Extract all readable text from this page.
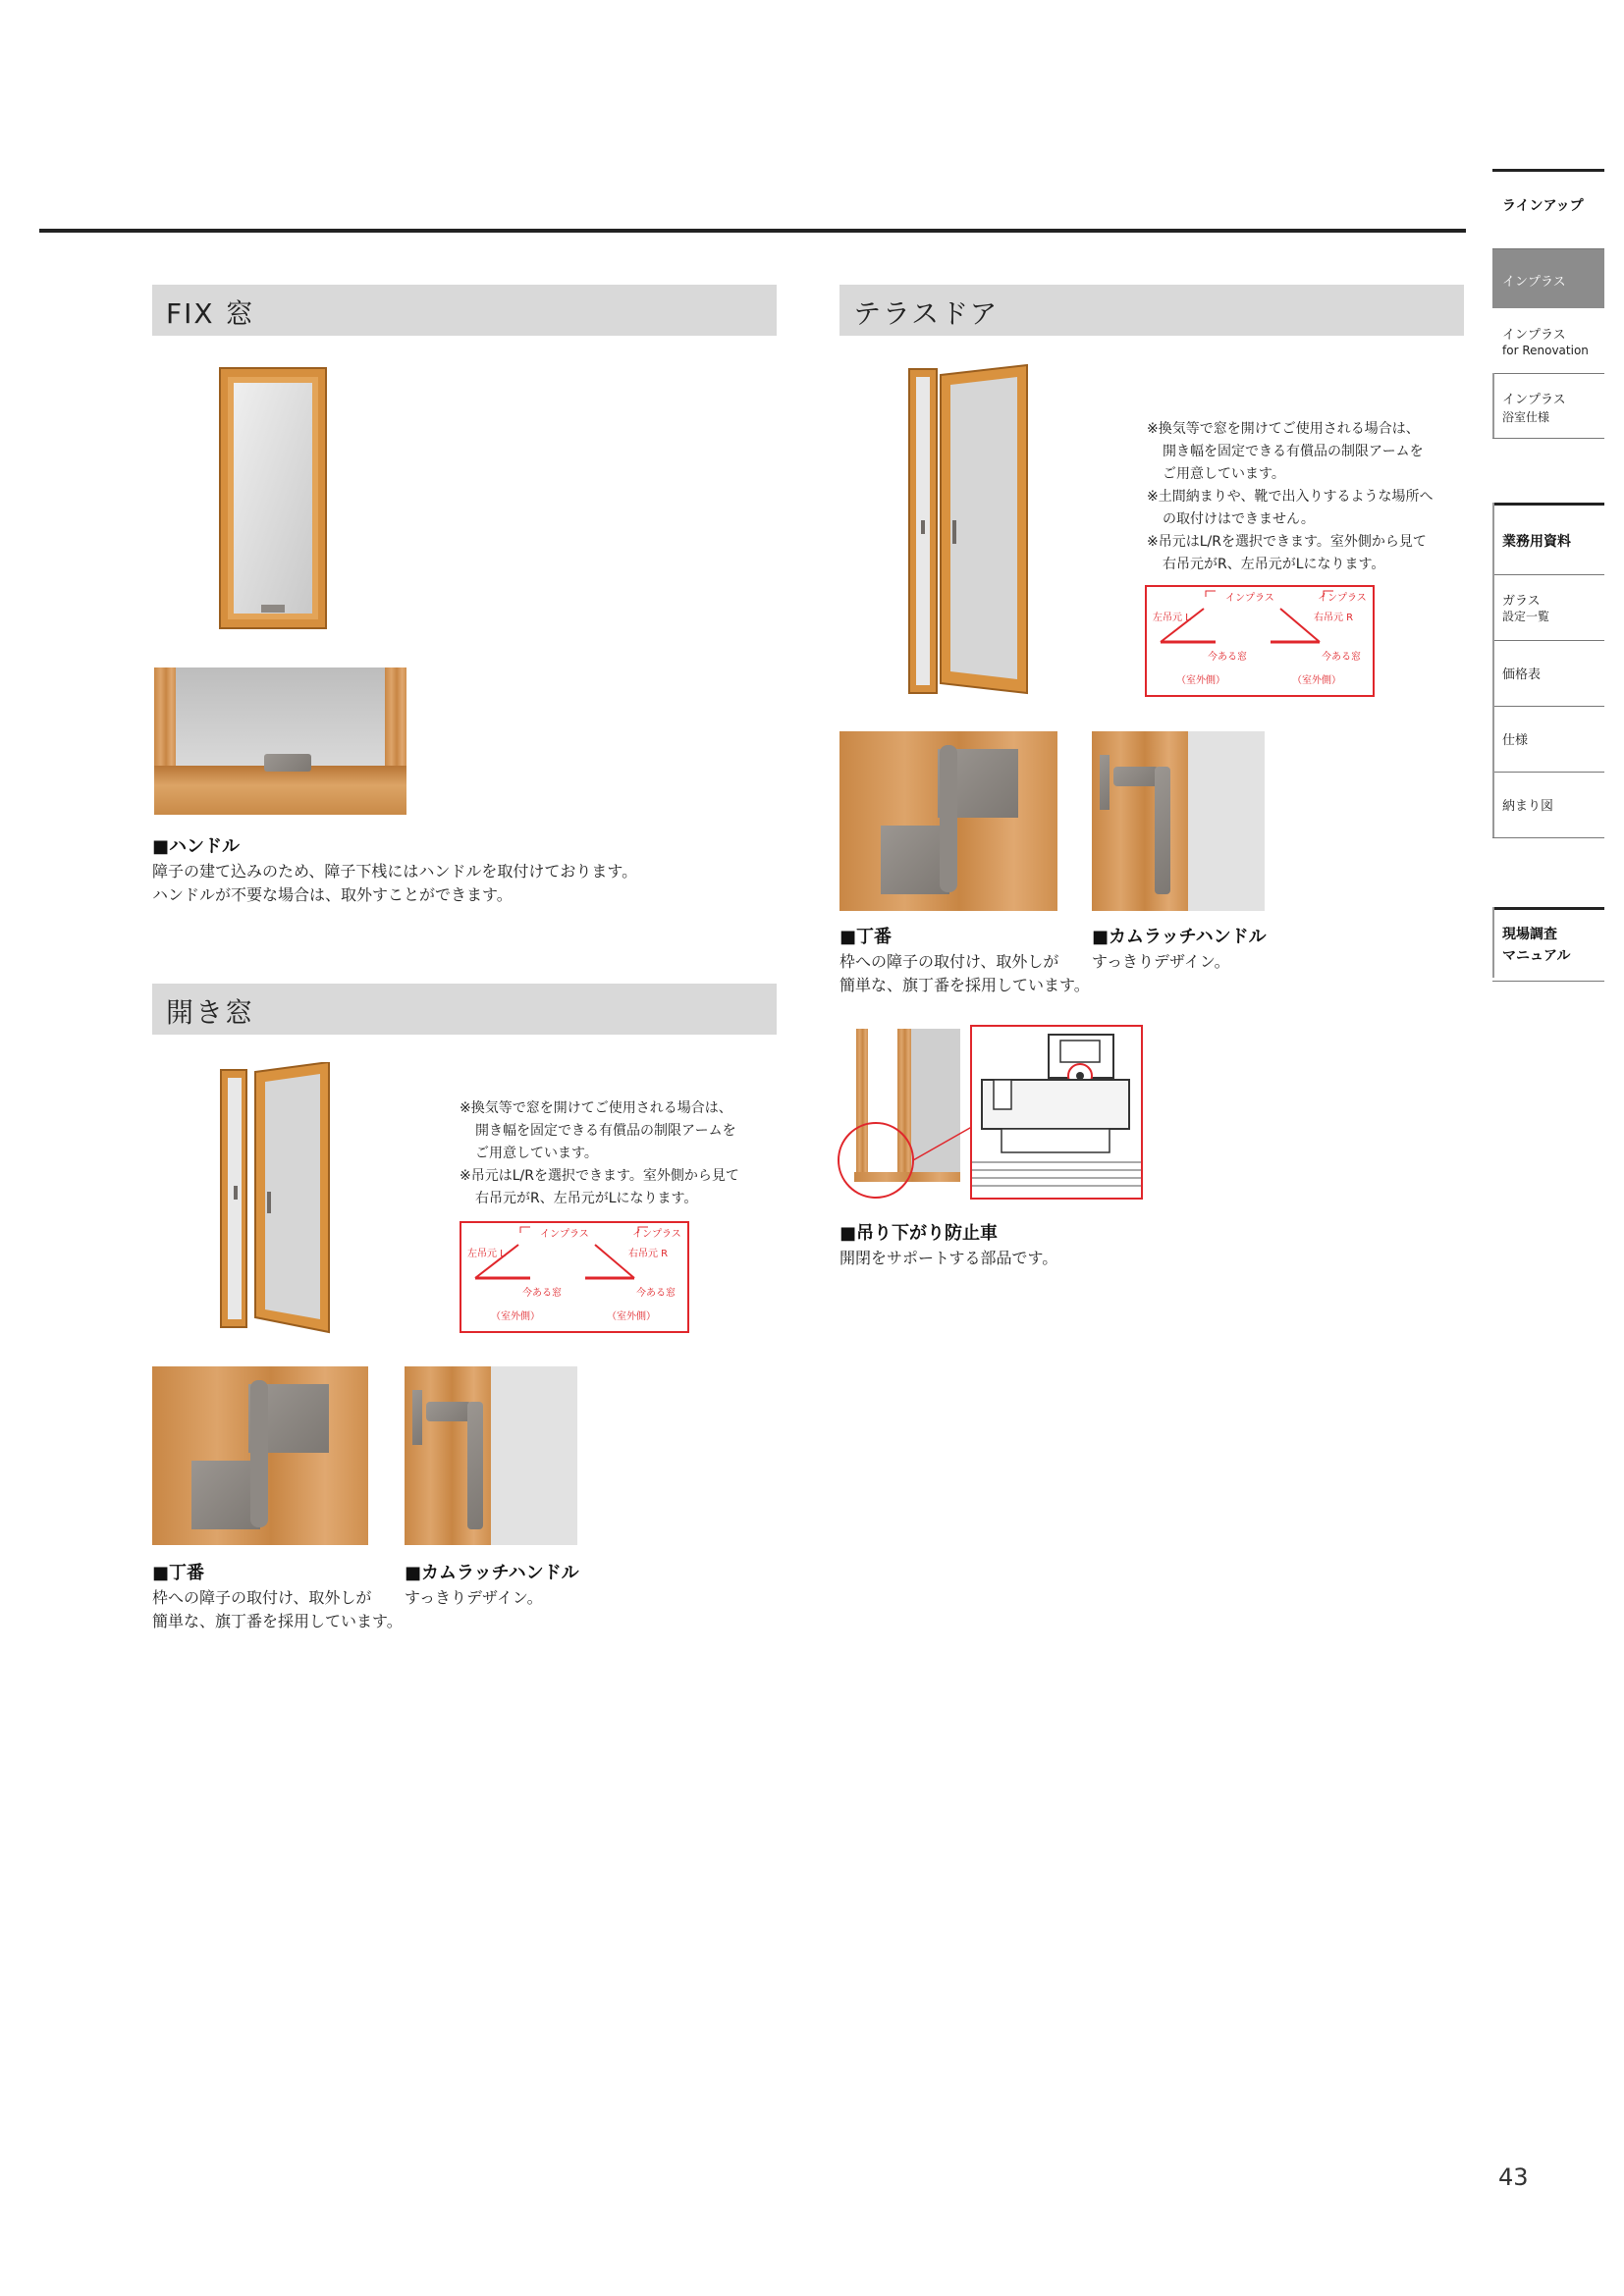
ラインアップ
インプラス
インプラス
for Renovation
インプラス
浴室仕様
業務用資料
ガラス
設定一覧
価格表
仕様
納まり図
現場調査
マニュアル
FIX 窓
■ハンドル
障子の建て込みのため、障子下桟にはハンドルを取付けております。
ハンドルが不要な場合は、取外すことができます。
開き窓
※換気等で窓を開けてご使用される場合は、
開き幅を固定できる有償品の制限アームを
ご用意しています。
※吊元はL/Rを選択できます。室外側から見て
右吊元がR、左吊元がLになります。
インプラス	インプラス
左吊元 L	右吊元 R
今ある窓	今ある窓
（室外側）	（室外側）
■丁番
枠への障子の取付け、取外しが
簡単な、旗丁番を採用しています。
■カムラッチハンドル
すっきりデザイン。
テラスドア
※換気等で窓を開けてご使用される場合は、
開き幅を固定できる有償品の制限アームを
ご用意しています。
※土間納まりや、靴で出入りするような場所へ
の取付けはできません。
※吊元はL/Rを選択できます。室外側から見て
右吊元がR、左吊元がLになります。
インプラス	インプラス
左吊元 L	右吊元 R
今ある窓	今ある窓
（室外側）	（室外側）
■丁番
枠への障子の取付け、取外しが
簡単な、旗丁番を採用しています。
■カムラッチハンドル
すっきりデザイン。
■吊り下がり防止車
開閉をサポートする部品です。
43
